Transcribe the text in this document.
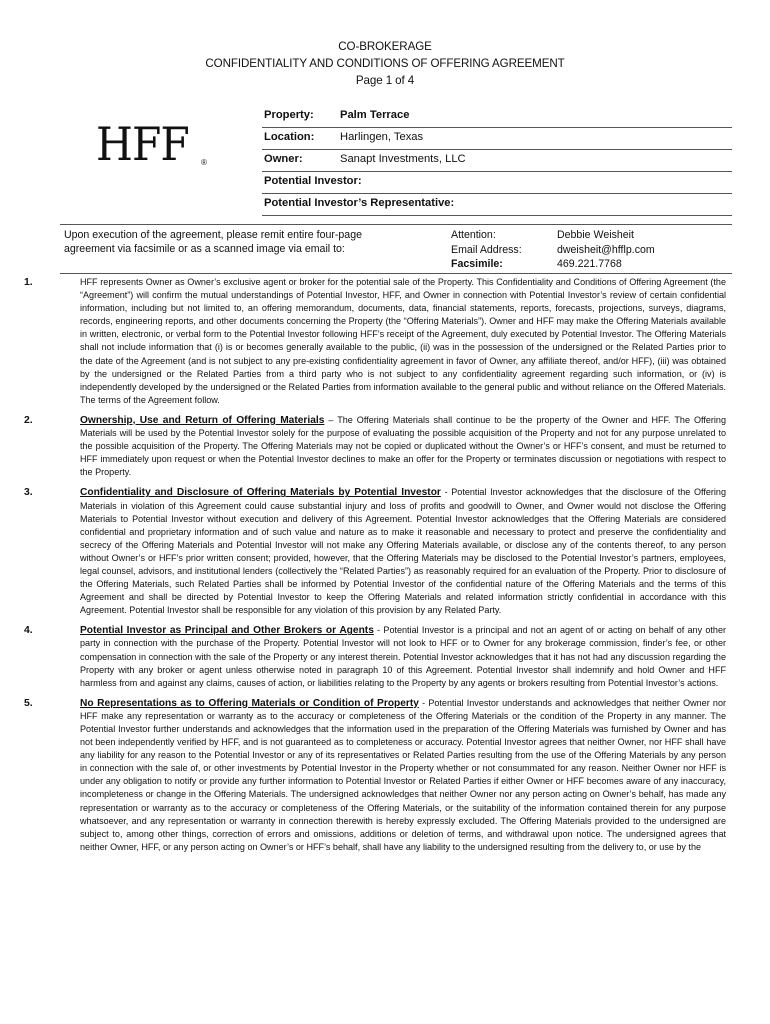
CO-BROKERAGE
CONFIDENTIALITY AND CONDITIONS OF OFFERING AGREEMENT
Page 1 of 4
HFF ®
Property: Palm Terrace
Location: Harlingen, Texas
Owner:	Sanapt Investments, LLC
Potential Investor:
Potential Investor’s Representative:
Upon execution of the agreement, please remit entire four-page agreement via facsimile or as a scanned image via email to:
Attention:	Debbie Weisheit
Email Address:	dweisheit@hfflp.com
Facsimile:	469.221.7768
1.	HFF represents Owner as Owner’s exclusive agent or broker for the potential sale of the Property. This Confidentiality and Conditions of Offering Agreement (the “Agreement”) will confirm the mutual understandings of Potential Investor, HFF, and Owner in connection with Potential Investor’s review of certain confidential information, including but not limited to, an offering memorandum, documents, data, financial statements, reports, forecasts, projections, surveys, diagrams, records, engineering reports, and other documents concerning the Property (the “Offering Materials”). Owner and HFF may make the Offering Materials available in written, electronic, or verbal form to the Potential Investor following HFF’s receipt of the Agreement, duly executed by Potential Investor. The Offering Materials shall not include information that (i) is or becomes generally available to the public, (ii) was in the possession of the undersigned or the Related Parties prior to the date of the Agreement (and is not subject to any pre-existing confidentiality agreement in favor of Owner, any affiliate thereof, and/or HFF), (iii) was obtained by the undersigned or the Related Parties from a third party who is not subject to any confidentiality agreement regarding such information, or (iv) is independently developed by the undersigned or the Related Parties from information available to the general public and without reliance on the Offered Materials. The terms of the Agreement follow.
2.	Ownership, Use and Return of Offering Materials – The Offering Materials shall continue to be the property of the Owner and HFF. The Offering Materials will be used by the Potential Investor solely for the purpose of evaluating the possible acquisition of the Property and not for any purpose unrelated to the possible acquisition of the Property. The Offering Materials may not be copied or duplicated without the Owner’s or HFF’s consent, and must be returned to HFF immediately upon request or when the Potential Investor declines to make an offer for the Property or terminates discussion or negotiations with respect to the Property.
3.	Confidentiality and Disclosure of Offering Materials by Potential Investor - Potential Investor acknowledges that the disclosure of the Offering Materials in violation of this Agreement could cause substantial injury and loss of profits and goodwill to Owner, and Owner would not disclose the Offering Materials to Potential Investor without execution and delivery of this Agreement. Potential Investor acknowledges that the Offering Materials are considered confidential and proprietary information and of such value and nature as to make it reasonable and necessary to protect and preserve the confidentiality and secrecy of the Offering Materials and Potential Investor will not make any Offering Materials available, or disclose any of the contents thereof, to any person without Owner’s or HFF’s prior written consent; provided, however, that the Offering Materials may be disclosed to the Potential Investor’s partners, employees, legal counsel, advisors, and institutional lenders (collectively the “Related Parties”) as reasonably required for an evaluation of the Property. Prior to disclosure of the Offering Materials, such Related Parties shall be informed by Potential Investor of the confidential nature of the Offering Materials and the terms of this Agreement and shall be directed by Potential Investor to keep the Offering Materials and related information strictly confidential in accordance with this Agreement. Potential Investor shall be responsible for any violation of this provision by any Related Party.
4.	Potential Investor as Principal and Other Brokers or Agents - Potential Investor is a principal and not an agent of or acting on behalf of any other party in connection with the purchase of the Property. Potential Investor will not look to HFF or to Owner for any brokerage commission, finder’s fee, or other compensation in connection with the sale of the Property or any interest therein. Potential Investor acknowledges that it has not had any discussion regarding the Property with any broker or agent unless otherwise noted in paragraph 10 of this Agreement. Potential Investor shall indemnify and hold Owner and HFF harmless from and against any claims, causes of action, or liabilities relating to the Property by any agents or brokers resulting from Potential Investor’s actions.
5.	No Representations as to Offering Materials or Condition of Property - Potential Investor understands and acknowledges that neither Owner nor HFF make any representation or warranty as to the accuracy or completeness of the Offering Materials or the condition of the Property in any manner. The Potential Investor further understands and acknowledges that the information used in the preparation of the Offering Materials was furnished by Owner and has not been independently verified by HFF, and is not guaranteed as to completeness or accuracy. Potential Investor agrees that neither Owner, nor HFF shall have any liability for any reason to the Potential Investor or any of its representatives or Related Parties resulting from the use of the Offering Materials by any person in connection with the sale of, or other investments by Potential Investor in the Property whether or not consummated for any reason. Neither Owner nor HFF is under any obligation to notify or provide any further information to Potential Investor or Related Parties if either Owner or HFF becomes aware of any inaccuracy, incompleteness or change in the Offering Materials. The undersigned acknowledges that neither Owner nor any person acting on Owner’s behalf, has made any representation or warranty as to the accuracy or completeness of the Offering Materials, or the suitability of the information contained therein for any purpose whatsoever, and any representation or warranty in connection therewith is hereby expressly excluded. The Offering Materials provided to the undersigned are subject to, among other things, correction of errors and omissions, additions or deletion of terms, and withdrawal upon notice. The undersigned agrees that neither Owner, HFF, or any person acting on Owner’s or HFF’s behalf, shall have any liability to the undersigned resulting from the delivery to, or use by the
